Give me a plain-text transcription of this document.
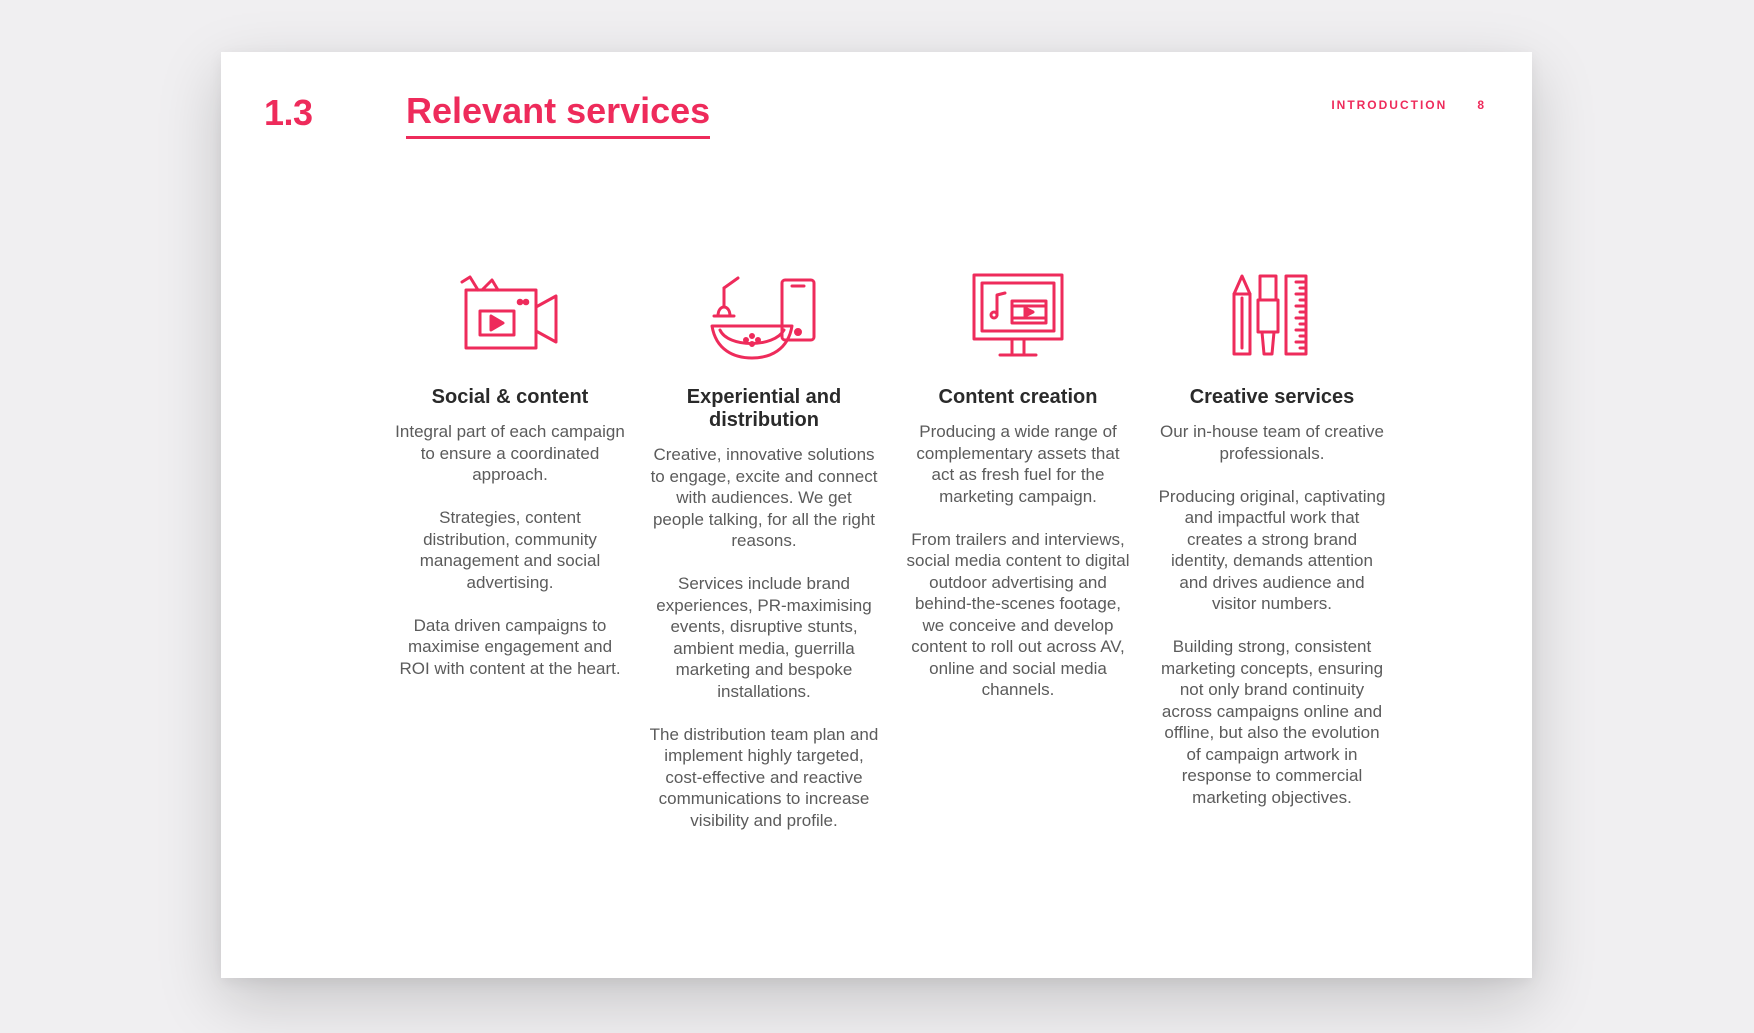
1.3	Relevant services	INTRODUCTION	8
Social & content

Integral part of each campaign to ensure a coordinated approach.

Strategies, content distribution, community management and social advertising.

Data driven campaigns to maximise engagement and ROI with content at the heart.

Experiential and distribution

Creative, innovative solutions to engage, excite and connect with audiences. We get people talking, for all the right reasons.

Services include brand experiences, PR-maximising events, disruptive stunts, ambient media, guerrilla marketing and bespoke installations.

The distribution team plan and implement highly targeted, cost-effective and reactive communications to increase visibility and profile.

Content creation

Producing a wide range of complementary assets that act as fresh fuel for the marketing campaign.

From trailers and interviews, social media content to digital outdoor advertising and behind-the-scenes footage, we conceive and develop content to roll out across AV, online and social media channels.

Creative services

Our in-house team of creative professionals.

Producing original, captivating and impactful work that creates a strong brand identity, demands attention and drives audience and visitor numbers.

Building strong, consistent marketing concepts, ensuring not only brand continuity across campaigns online and offline, but also the evolution of campaign artwork in response to commercial marketing objectives.
